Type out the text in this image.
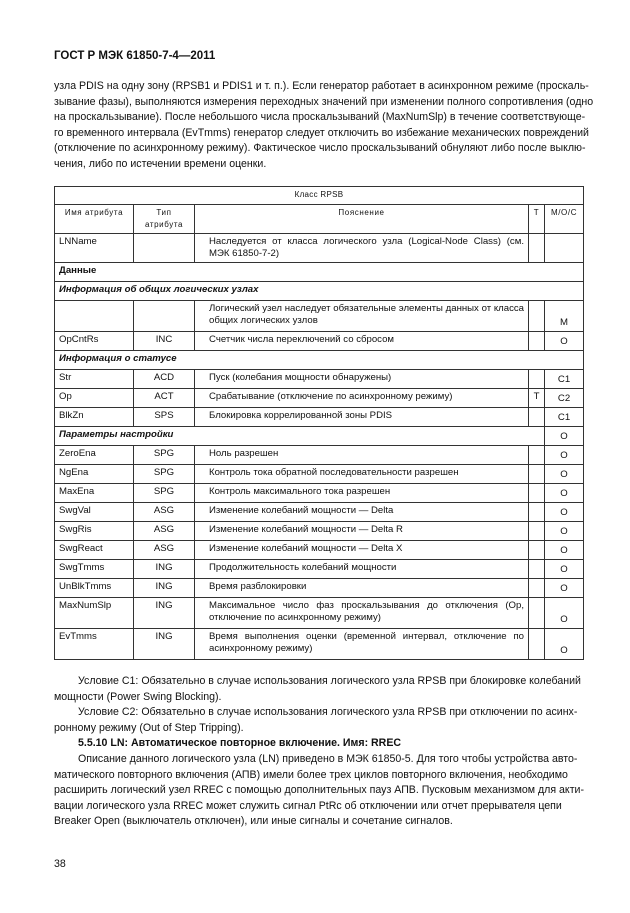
ГОСТ Р МЭК 61850-7-4—2011
узла PDIS на одну зону (RPSB1 и PDIS1 и т. п.). Если генератор работает в асинхронном режиме (проскаль-
зывание фазы), выполняются измерения переходных значений при изменении полного сопротивления (одно
на проскальзывание). После небольшого числа проскальзываний (MaxNumSlp) в течение соответствующе-
го временного интервала (EvTmms) генератор следует отключить во избежание механических повреждений
(отключение по асинхронному режиму). Фактическое число проскальзываний обнуляют либо после выклю-
чения, либо по истечении времени оценки.
Класс RPSB				
Имя атрибута	Тип атрибута	Пояснение	Т	М/О/С
LNName		Наследуется от класса логического узла (Logical-Node Class) (см. МЭК 61850-7-2)		
Данные				
Информация об общих логических узлах				
		Логический узел наследует обязательные элементы данных от класса общих логических узлов		M
OpCntRs	INC	Счетчик числа переключений со сбросом		O
Информация о статусе				
Str	ACD	Пуск (колебания мощности обнаружены)		C1
Op	ACT	Срабатывание (отключение по асинхронному режиму)	T	C2
BlkZn	SPS	Блокировка коррелированной зоны PDIS		C1
Параметры настройки				O
ZeroEna	SPG	Ноль разрешен		O
NgEna	SPG	Контроль тока обратной последовательности разрешен		O
MaxEna	SPG	Контроль максимального тока разрешен		O
SwgVal	ASG	Изменение колебаний мощности — Delta		O
SwgRis	ASG	Изменение колебаний мощности — Delta R		O
SwgReact	ASG	Изменение колебаний мощности — Delta X		O
SwgTmms	ING	Продолжительность колебаний мощности		O
UnBlkTmms	ING	Время разблокировки		O
MaxNumSlp	ING	Максимальное число фаз проскальзывания до отключения (Op, отключение по асинхронному режиму)		O
EvTmms	ING	Время выполнения оценки (временной интервал, отключение по асинхронному режиму)		O
Условие С1: Обязательно в случае использования логического узла RPSB при блокировке колебаний
мощности (Power Swing Blocking).
Условие С2: Обязательно в случае использования логического узла RPSB при отключении по асинх-
ронному режиму (Out of Step Tripping).
5.5.10 LN: Автоматическое повторное включение. Имя: RREC
Описание данного логического узла (LN) приведено в МЭК 61850-5. Для того чтобы устройства авто-
матического повторного включения (АПВ) имели более трех циклов повторного включения, необходимо
расширить логический узел RREC с помощью дополнительных пауз АПВ. Пусковым механизмом для акти-
вации логического узла RREC может служить сигнал PtRc об отключении или отчет прерывателя цепи
Breaker Open (выключатель отключен), или иные сигналы и сочетание сигналов.
38
